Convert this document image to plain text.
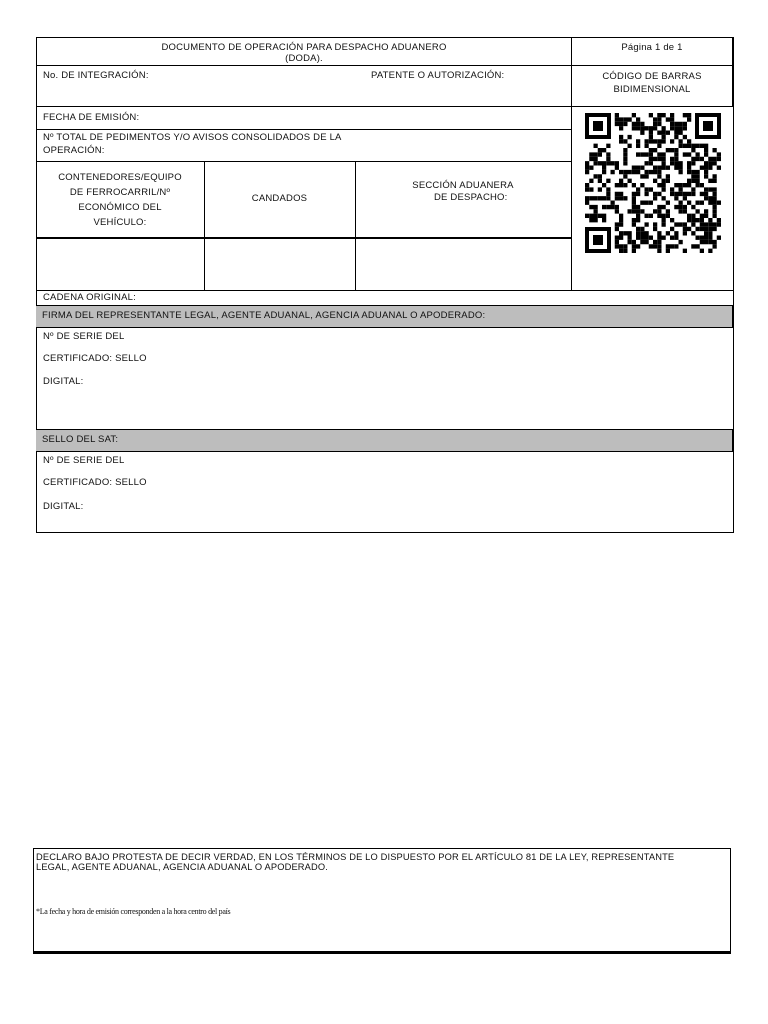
DOCUMENTO DE OPERACIÓN PARA DESPACHO ADUANERO
(DODA).
Página 1 de 1
No. DE INTEGRACIÓN:	PATENTE O AUTORIZACIÓN:	CÓDIGO DE BARRAS
BIDIMENSIONAL
FECHA DE EMISIÓN:
Nº TOTAL DE PEDIMENTOS Y/O AVISOS CONSOLIDADOS DE LA
OPERACIÓN:
CONTENEDORES/EQUIPO
DE FERROCARRIL/Nº
ECONÓMICO DEL
VEHÍCULO:
CANDADOS
SECCIÓN ADUANERA
DE DESPACHO:
CADENA ORIGINAL:
FIRMA DEL REPRESENTANTE LEGAL, AGENTE ADUANAL, AGENCIA ADUANAL O APODERADO:
Nº DE SERIE DEL
CERTIFICADO: SELLO
DIGITAL:
SELLO DEL SAT:
Nº DE SERIE DEL
CERTIFICADO: SELLO
DIGITAL:
DECLARO BAJO PROTESTA DE DECIR VERDAD, EN LOS TÉRMINOS DE LO DISPUESTO POR EL ARTÍCULO 81 DE LA LEY, REPRESENTANTE
LEGAL, AGENTE ADUANAL, AGENCIA ADUANAL O APODERADO.
*La fecha y hora de emisión corresponden a la hora centro del país
